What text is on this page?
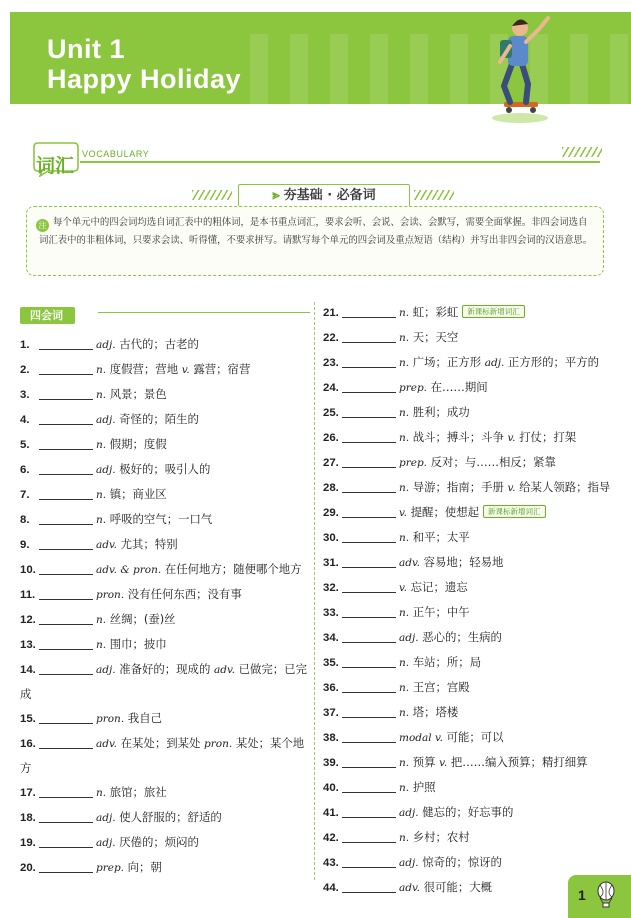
Unit 1
Happy Holiday
词汇
VOCABULARY
⪢ 夯基础 · 必备词
注 每个单元中的四会词均选自词汇表中的粗体词，是本书重点词汇，要求会听、会说、会读、会默写，需要全面掌握。非四会词选自词汇表中的非粗体词，只要求会读、听得懂，不要求拼写。请默写每个单元的四会词及重点短语（结构）并写出非四会词的汉语意思。
四会词
1.	adj. 古代的；古老的
2.	n. 度假营；营地 v. 露营；宿营
3.	n. 风景；景色
4.	adj. 奇怪的；陌生的
5.	n. 假期；度假
6.	adj. 极好的；吸引人的
7.	n. 镇；商业区
8.	n. 呼吸的空气；一口气
9.	adv. 尤其；特别
10.	adv. & pron. 在任何地方；随便哪个地方
11.	pron. 没有任何东西；没有事
12.	n. 丝绸；(蚕)丝
13.	n. 围巾；披巾
14.	adj. 准备好的；现成的 adv. 已做完；已完成
15.	pron. 我自己
16.	adv. 在某处；到某处 pron. 某处；某个地方
17.	n. 旅馆；旅社
18.	adj. 使人舒服的；舒适的
19.	adj. 厌倦的；烦闷的
20.	prep. 向；朝
21.	n. 虹；彩虹 新课标新增词汇
22.	n. 天；天空
23.	n. 广场；正方形 adj. 正方形的；平方的
24.	prep. 在……期间
25.	n. 胜利；成功
26.	n. 战斗；搏斗；斗争 v. 打仗；打架
27.	prep. 反对；与……相反；紧靠
28.	n. 导游；指南；手册 v. 给某人领路；指导
29.	v. 提醒；使想起 新课标新增词汇
30.	n. 和平；太平
31.	adv. 容易地；轻易地
32.	v. 忘记；遗忘
33.	n. 正午；中午
34.	adj. 恶心的；生病的
35.	n. 车站；所；局
36.	n. 王宫；宫殿
37.	n. 塔；塔楼
38.	modal v. 可能；可以
39.	n. 预算 v. 把……编入预算；精打细算
40.	n. 护照
41.	adj. 健忘的；好忘事的
42.	n. 乡村；农村
43.	adj. 惊奇的；惊讶的
44.	adv. 很可能；大概	1
